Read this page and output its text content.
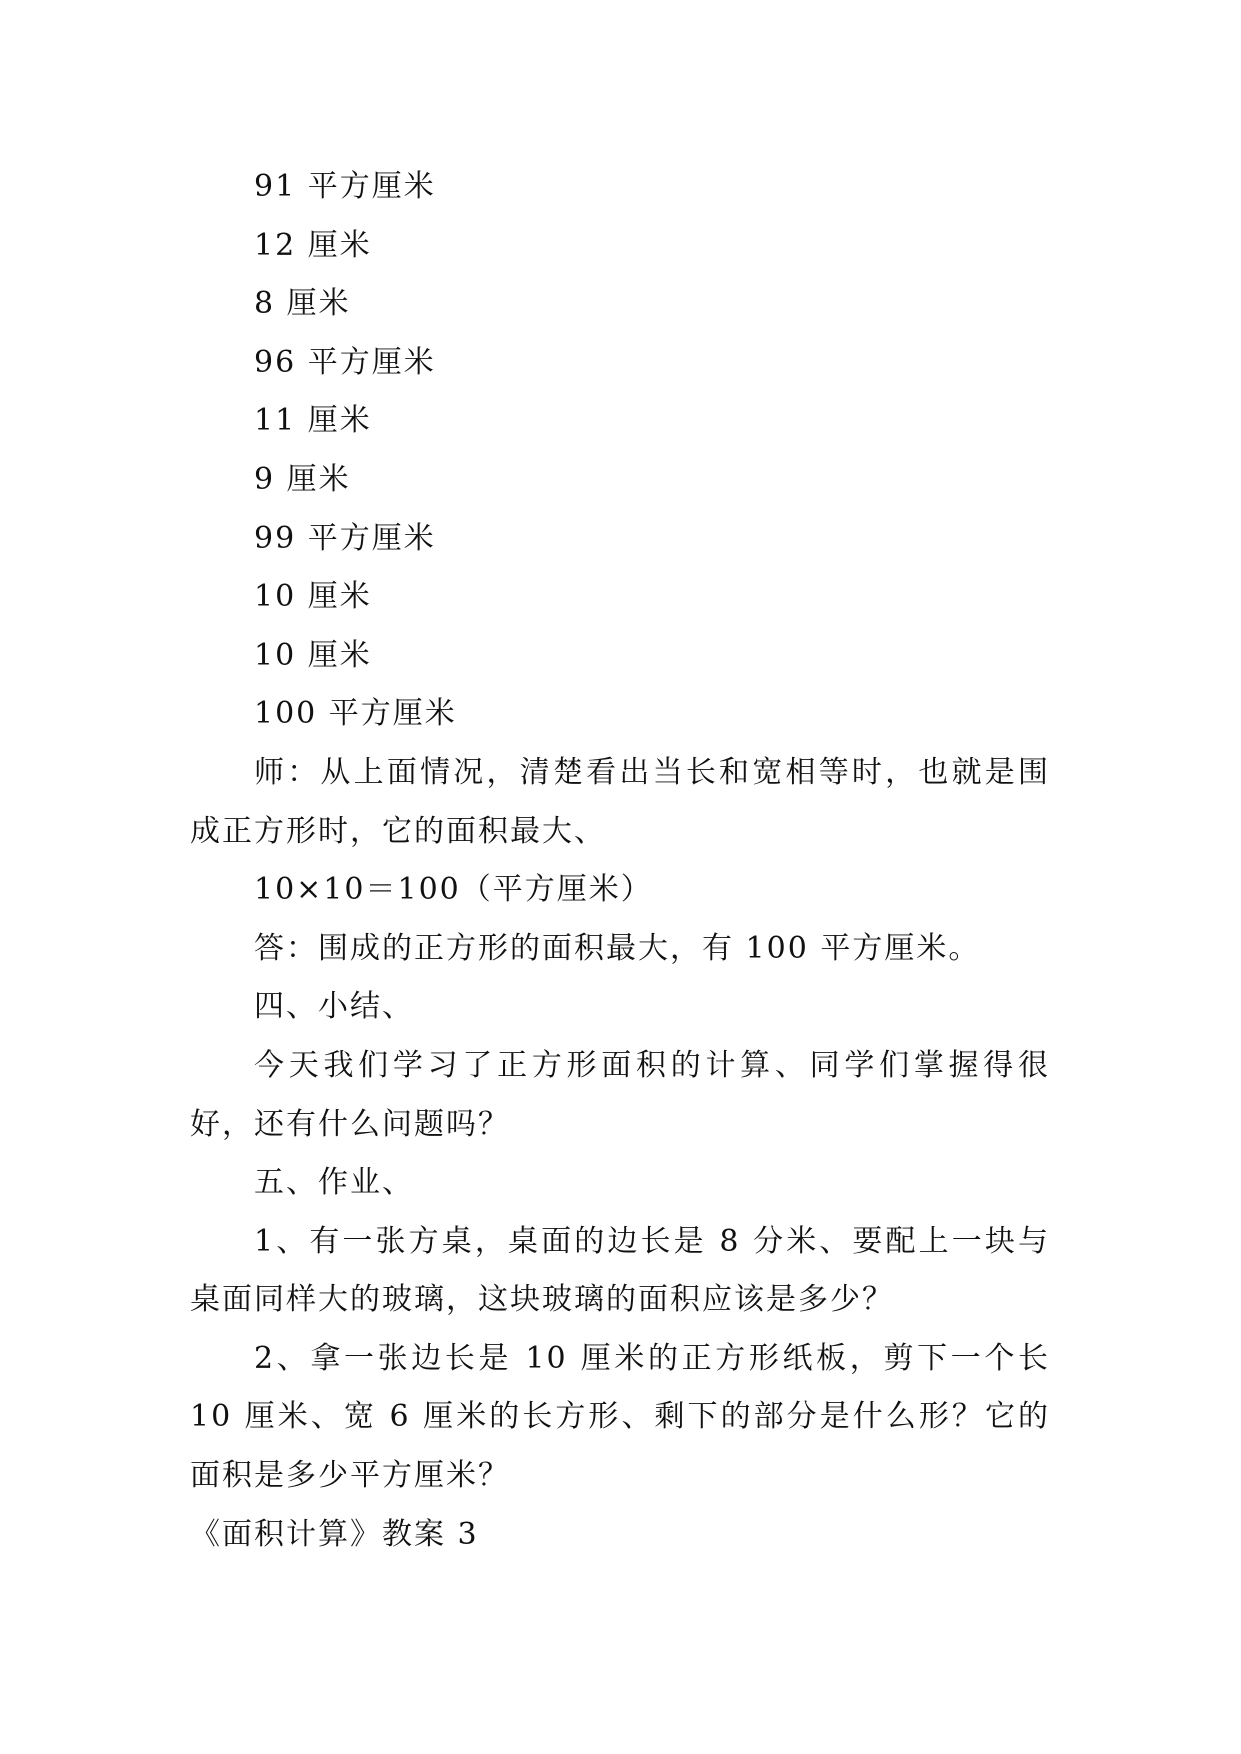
91 平方厘米
12 厘米
8 厘米
96 平方厘米
11 厘米
9 厘米
99 平方厘米
10 厘米
10 厘米
100 平方厘米
师：从上面情况，清楚看出当长和宽相等时，也就是围成正方形时，它的面积最大、
10×10＝100（平方厘米）
答：围成的正方形的面积最大，有 100 平方厘米。
四、小结、
今天我们学习了正方形面积的计算、同学们掌握得很好，还有什么问题吗？
五、作业、
1、有一张方桌，桌面的边长是 8 分米、要配上一块与桌面同样大的玻璃，这块玻璃的面积应该是多少？
2、拿一张边长是 10 厘米的正方形纸板，剪下一个长 10 厘米、宽 6 厘米的长方形、剩下的部分是什么形？它的面积是多少平方厘米？
《面积计算》教案 3
